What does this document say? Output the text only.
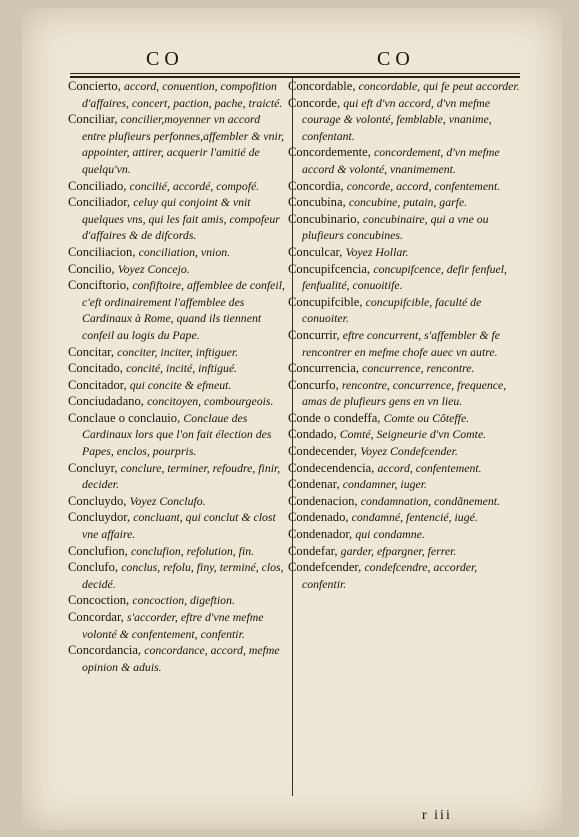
CO	CO

Concierto, accord, conuention, compofition d'affaires, concert, paction, pache, traicté.

Conciliar, concilier,moyenner vn accord entre plufieurs perfonnes,affembler & vnir, appointer, attirer, acquerir l'amitié de quelqu'vn.

Conciliado, concilié, accordé, compofé.

Conciliador, celuy qui conjoint & vnit quelques vns, qui les fait amis, compofeur d'affaires & de difcords.

Conciliacion, conciliation, vnion.

Concilio, Voyez Concejo.

Conciftorio, confiftoire, affemblee de confeil, c'eft ordinairement l'affemblee des Cardinaux à Rome, quand ils tiennent confeil au logis du Pape.

Concitar, conciter, inciter, inftiguer.

Concitado, concité, incité, inftigué.

Concitador, qui concite & efmeut.

Conciudadano, concitoyen, combourgeois.

Conclaue o conclauio, Conclaue des Cardinaux lors que l'on fait élection des Papes, enclos, pourpris.

Concluyr, conclure, terminer, refoudre, finir, decider.

Concluydo, Voyez Conclufo.

Concluydor, concluant, qui conclut & clost vne affaire.

Conclufion, conclufion, refolution, fin.

Conclufo, conclus, refolu, finy, terminé, clos, decidé.

Concoction, concoction, digeftion.

Concordar, s'accorder, eftre d'vne mefme volonté & confentement, confentir.

Concordancia, concordance, accord, mefme opinion & aduis.

Concordable, concordable, qui fe peut accorder.

Concorde, qui eft d'vn accord, d'vn mefme courage & volonté, femblable, vnanime, confentant.

Concordemente, concordement, d'vn mefme accord & volonté, vnanimement.

Concordia, concorde, accord, confentement.

Concubina, concubine, putain, garfe.

Concubinario, concubinaire, qui a vne ou plufieurs concubines.

Conculcar, Voyez Hollar.

Concupifcencia, concupifcence, defir fenfuel, fenfualité, conuoitife.

Concupifcible, concupifcible, faculté de conuoiter.

Concurrir, eftre concurrent, s'affembler & fe rencontrer en mefme chofe auec vn autre.

Concurrencia, concurrence, rencontre.

Concurfo, rencontre, concurrence, frequence, amas de plufieurs gens en vn lieu.

Conde o condeffa, Comte ou Côteffe.

Condado, Comté, Seigneurie d'vn Comte.

Condecender, Voyez Condefcender.

Condecendencia, accord, confentement.

Condenar, condamner, iuger.

Condenacion, condamnation, condãnement.

Condenado, condamné, fentencié, iugé.

Condenador, qui condamne.

Condefar, garder, efpargner, ferrer.

Condefcender, condefcendre, accorder, confentir.

r iii
